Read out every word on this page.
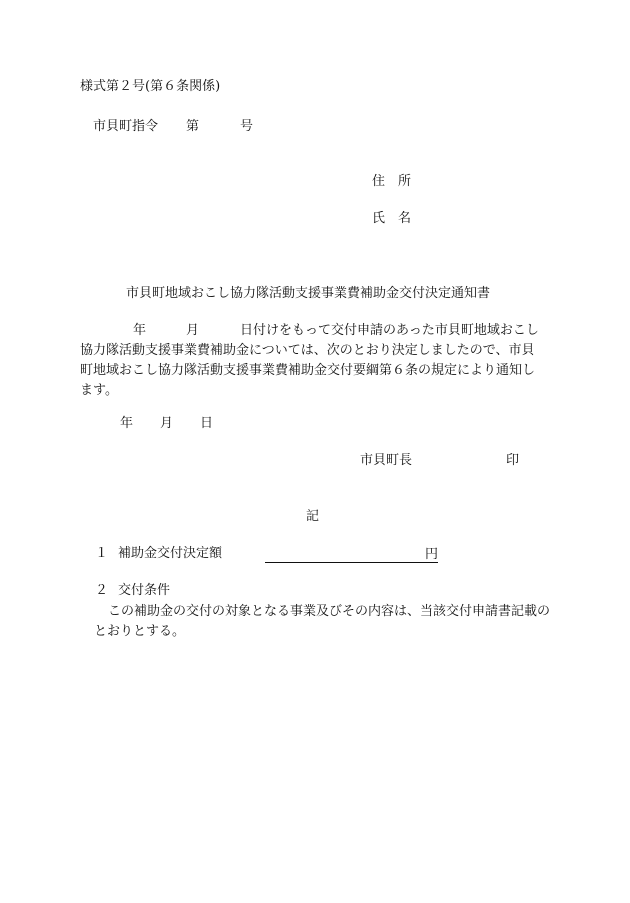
様式第２号(第６条関係)
市貝町指令 第	号
住　所
氏　名
市貝町地域おこし協力隊活動支援事業費補助金交付決定通知書
年	月	日付けをもって交付申請のあった市貝町地域おこし
協力隊活動支援事業費補助金については、次のとおり決定しましたので、市貝
町地域おこし協力隊活動支援事業費補助金交付要綱第６条の規定により通知し
ます。
年 月 日
市貝町長	印
記
１ 補助金交付決定額	円
２ 交付条件
この補助金の交付の対象となる事業及びその内容は、当該交付申請書記載のとおりとする。
